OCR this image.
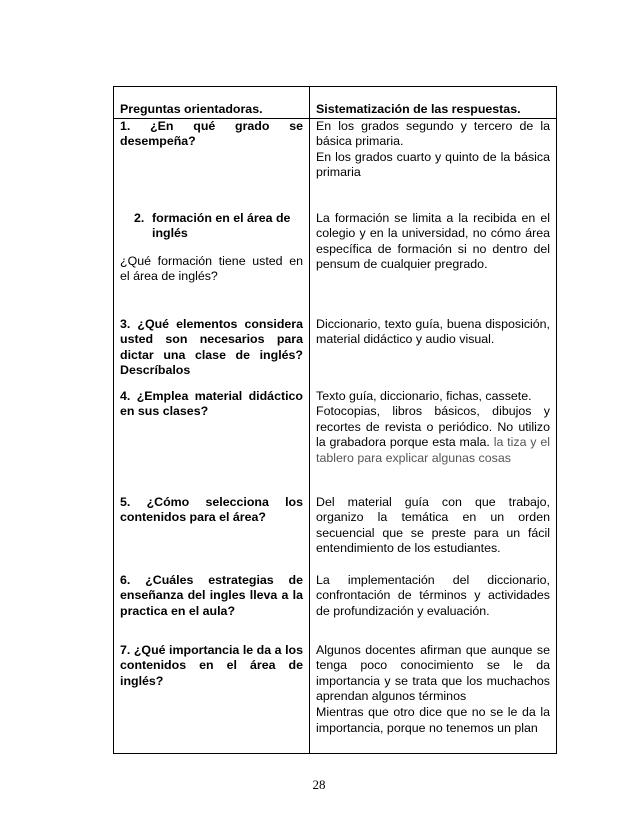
Preguntas orientadoras.	Sistematización de las respuestas.
1. ¿En qué grado se desempeña?	En los grados segundo y tercero de la básica primaria.
En los grados cuarto y quinto de la básica primaria

2. formación en el área de
inglés
¿Qué formación tiene usted en el área de inglés?	La formación se limita a la recibida en el colegio y en la universidad, no cómo área específica de formación si no dentro del pensum de cualquier pregrado.

3. ¿Qué elementos considera usted son necesarios para dictar una clase de inglés? Descríbalos	Diccionario, texto guía, buena disposición, material didáctico y audio visual.

4. ¿Emplea material didáctico en sus clases?	Texto guía, diccionario, fichas, cassete.
Fotocopias, libros básicos, dibujos y recortes de revista o periódico. No utilizo la grabadora porque esta mala. la tiza y el tablero para explicar algunas cosas
5. ¿Cómo selecciona los contenidos para el área?	Del material guía con que trabajo, organizo la temática en un orden secuencial que se preste para un fácil entendimiento de los estudiantes.

6. ¿Cuáles estrategias de enseñanza del ingles lleva a la practica en el aula?	La implementación del diccionario, confrontación de términos y actividades de profundización y evaluación.

7. ¿Qué importancia le da a los contenidos en el área de inglés?	Algunos docentes afirman que aunque se tenga poco conocimiento se le da importancia y se trata que los muchachos aprendan algunos términos
Mientras que otro dice que no se le da la importancia, porque no tenemos un plan
28
